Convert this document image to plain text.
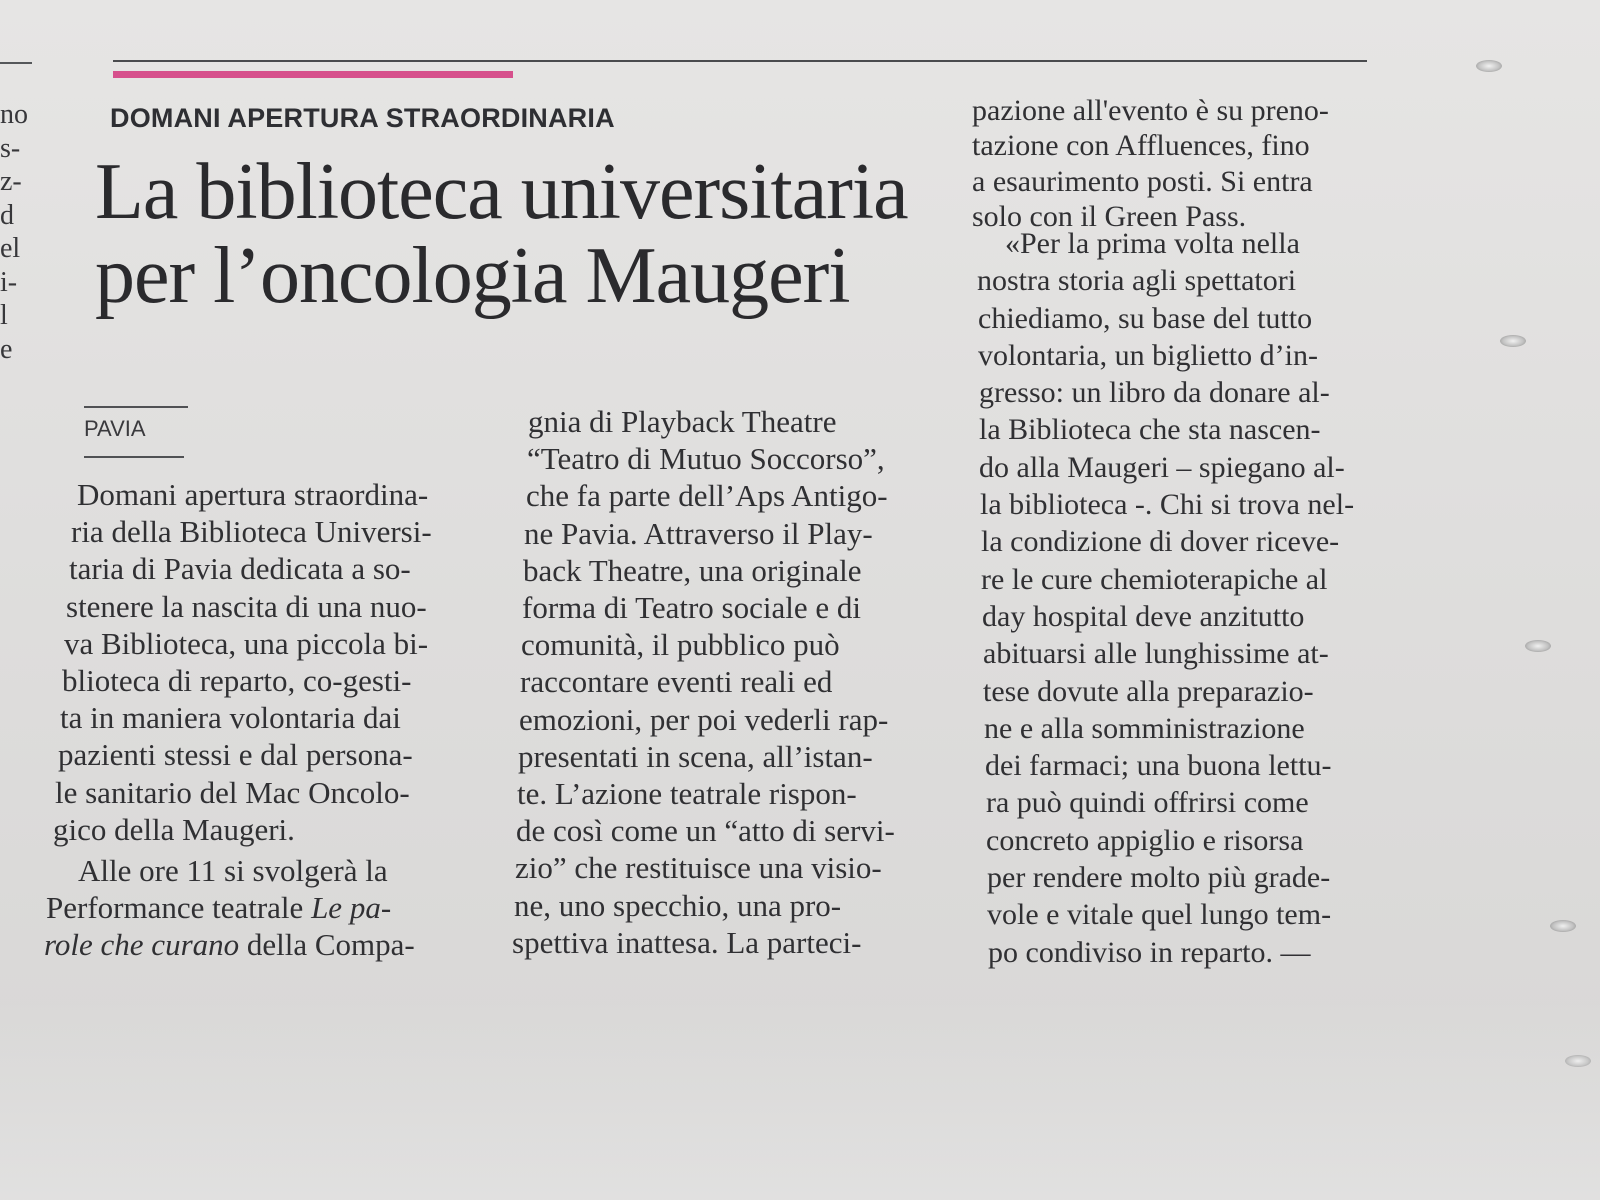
no
s-
z-
d
el
i-
l
e
DOMANI APERTURA STRAORDINARIA
La biblioteca universitaria
per l’oncologia Maugeri
PAVIA
Domani apertura straordina-
ria della Biblioteca Universi-
taria di Pavia dedicata a so-
stenere la nascita di una nuo-
va Biblioteca, una piccola bi-
blioteca di reparto, co-gesti-
ta in maniera volontaria dai
pazienti stessi e dal persona-
le sanitario del Mac Oncolo-
gico della Maugeri.
Alle ore 11 si svolgerà la
Performance teatrale Le pa-
role che curano della Compa-
gnia di Playback Theatre
“Teatro di Mutuo Soccorso”,
che fa parte dell’Aps Antigo-
ne Pavia. Attraverso il Play-
back Theatre, una originale
forma di Teatro sociale e di
comunità, il pubblico può
raccontare eventi reali ed
emozioni, per poi vederli rap-
presentati in scena, all’istan-
te. L’azione teatrale rispon-
de così come un “atto di servi-
zio” che restituisce una visio-
ne, uno specchio, una pro-
spettiva inattesa. La parteci-
pazione all'evento è su preno-
tazione con Affluences, fino
a esaurimento posti. Si entra
solo con il Green Pass.
«Per la prima volta nella
nostra storia agli spettatori
chiediamo, su base del tutto
volontaria, un biglietto d’in-
gresso: un libro da donare al-
la Biblioteca che sta nascen-
do alla Maugeri – spiegano al-
la biblioteca -. Chi si trova nel-
la condizione di dover riceve-
re le cure chemioterapiche al
day hospital deve anzitutto
abituarsi alle lunghissime at-
tese dovute alla preparazio-
ne e alla somministrazione
dei farmaci; una buona lettu-
ra può quindi offrirsi come
concreto appiglio e risorsa
per rendere molto più grade-
vole e vitale quel lungo tem-
po condiviso in reparto. —
